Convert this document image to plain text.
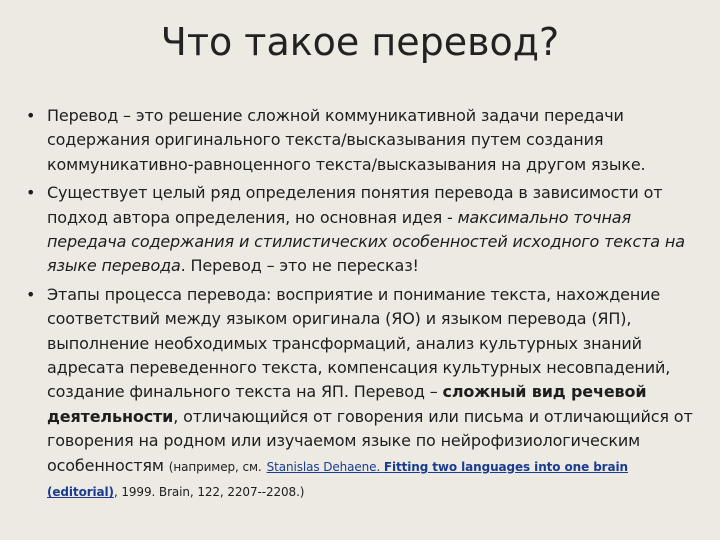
Что такое перевод?
• Перевод – это решение сложной коммуникативной задачи передачи содержания оригинального текста/высказывания путем создания коммуникативно-равноценного текста/высказывания на другом языке.
• Существует целый ряд определения понятия перевода в зависимости от подход автора определения, но основная идея - максимально точная передача содержания и стилистических особенностей исходного текста на языке перевода. Перевод – это не пересказ!
• Этапы процесса перевода: восприятие и понимание текста, нахождение соответствий между языком оригинала (ЯО) и языком перевода (ЯП), выполнение необходимых трансформаций, анализ культурных знаний адресата переведенного текста, компенсация культурных несовпадений, создание финального текста на ЯП. Перевод – сложный вид речевой деятельности, отличающийся от говорения или письма и отличающийся от говорения на родном или изучаемом языке по нейрофизиологическим особенностям (например, см. Stanislas Dehaene. Fitting two languages into one brain (editorial), 1999. Brain, 122, 2207--2208.)
